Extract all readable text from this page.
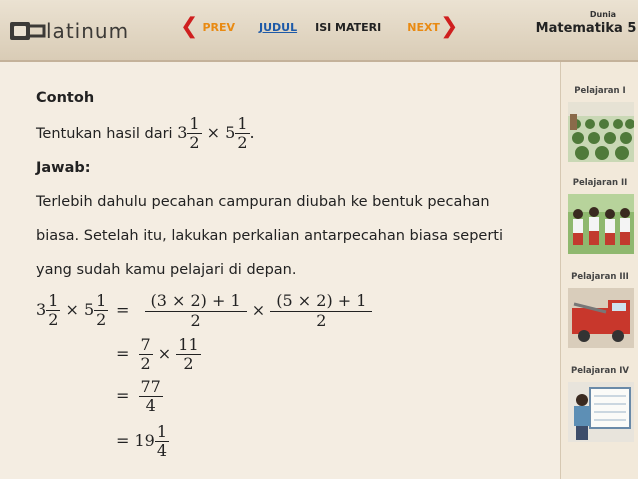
latinum ❮ PREV JUDUL ISI MATERI NEXT ❯	Dunia
Matematika 5
Pelajaran I
Pelajaran II
Pelajaran III
Pelajaran IV
Contoh
Tentukan hasil dari $3 \frac{1}{2} \times 5 \frac{1}{2}$ .
Jawab:
Terlebih dahulu pecahan campuran diubah ke bentuk pecahan
biasa. Setelah itu, lakukan perkalian antarpecahan biasa seperti
yang sudah kamu pelajari di depan.
$3 \frac{1}{2} \times 5 \frac{1}{2} = \frac{(3 \times 2) + 1}{2} \times \frac{(5 \times 2) + 1}{2}$
= $\frac{7}{2} \times \frac{11}{2}$
= $\frac{77}{4}$
= $19 \frac{1}{4}$
